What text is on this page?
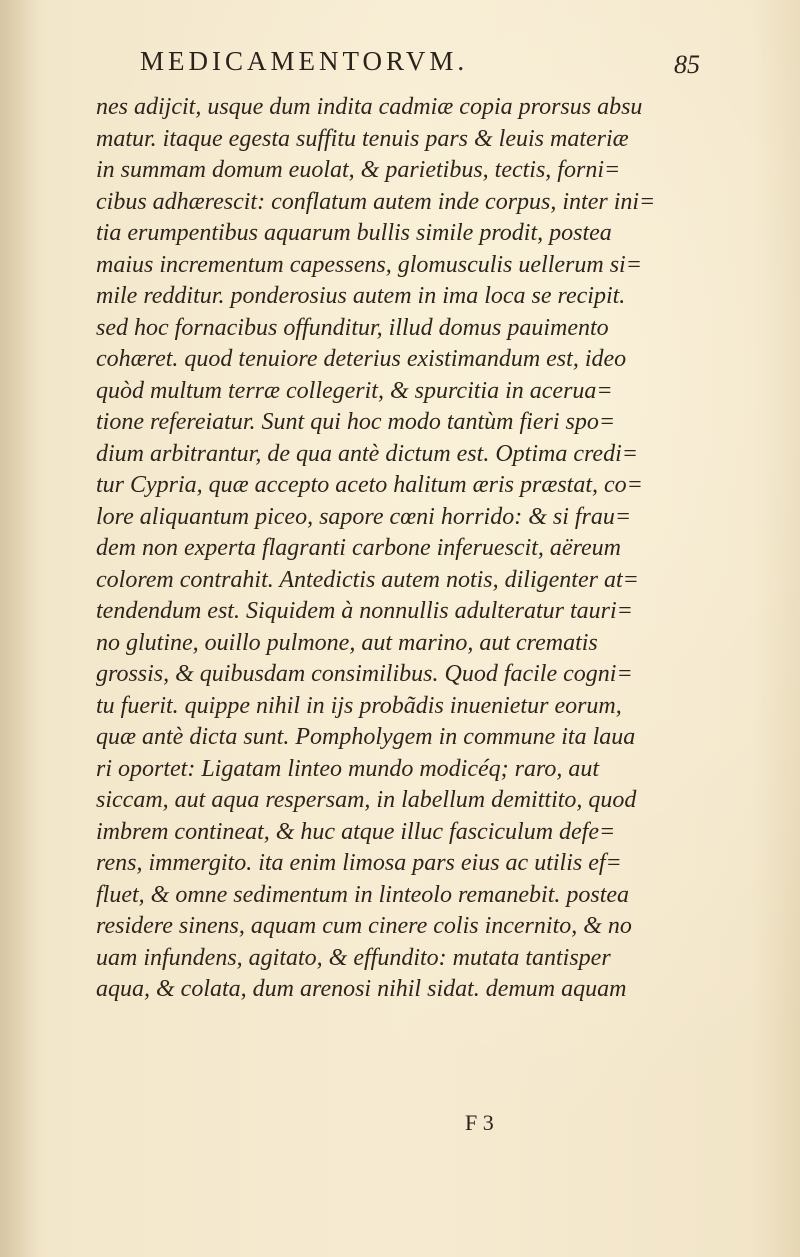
MEDICAMENTORVM.	85
nes adijcit, usque dum indita cadmiæ copia prorsus absu
matur. itaque egesta suffitu tenuis pars & leuis materiæ
in summam domum euolat, & parietibus, tectis, forni=
cibus adhærescit: conflatum autem inde corpus, inter ini=
tia erumpentibus aquarum bullis simile prodit, postea
maius incrementum capessens, glomusculis uellerum si=
mile redditur. ponderosius autem in ima loca se recipit.
sed hoc fornacibus offunditur, illud domus pauimento
cohæret. quod tenuiore deterius existimandum est, ideo
quòd multum terræ collegerit, & spurcitia in aceruа=
tione refereiatur. Sunt qui hoc modo tantùm fieri spo=
dium arbitrantur, de qua antè dictum est. Optima credi=
tur Cypria, quæ accepto aceto halitum æris præstat, co=
lore aliquantum piceo, sapore cœni horrido: & si frau=
dem non experta flagranti carbone inferuescit, aëreum
colorem contrahit. Antedictis autem notis, diligenter at=
tendendum est. Siquidem à nonnullis adulteratur tauri=
no glutine, ouillo pulmone, aut marino, aut crematis
grossis, & quibusdam consimilibus. Quod facile cogni=
tu fuerit. quippe nihil in ijs probãdis inuenietur eorum,
quæ antè dicta sunt. Pompholygem in commune ita laua
ri oportet: Ligatam linteo mundo modicéq; raro, aut
siccam, aut aqua respersam, in labellum demittito, quod
imbrem contineat, & huc atque illuc fasciculum defe=
rens, immergito. ita enim limosa pars eius ac utilis ef=
fluet, & omne sedimentum in linteolo remanebit. postea
residere sinens, aquam cum cinere colis incernito, & no
uam infundens, agitato, & effundito: mutata tantisper
aqua, & colata, dum arenosi nihil sidat. demum aquam
F 3
